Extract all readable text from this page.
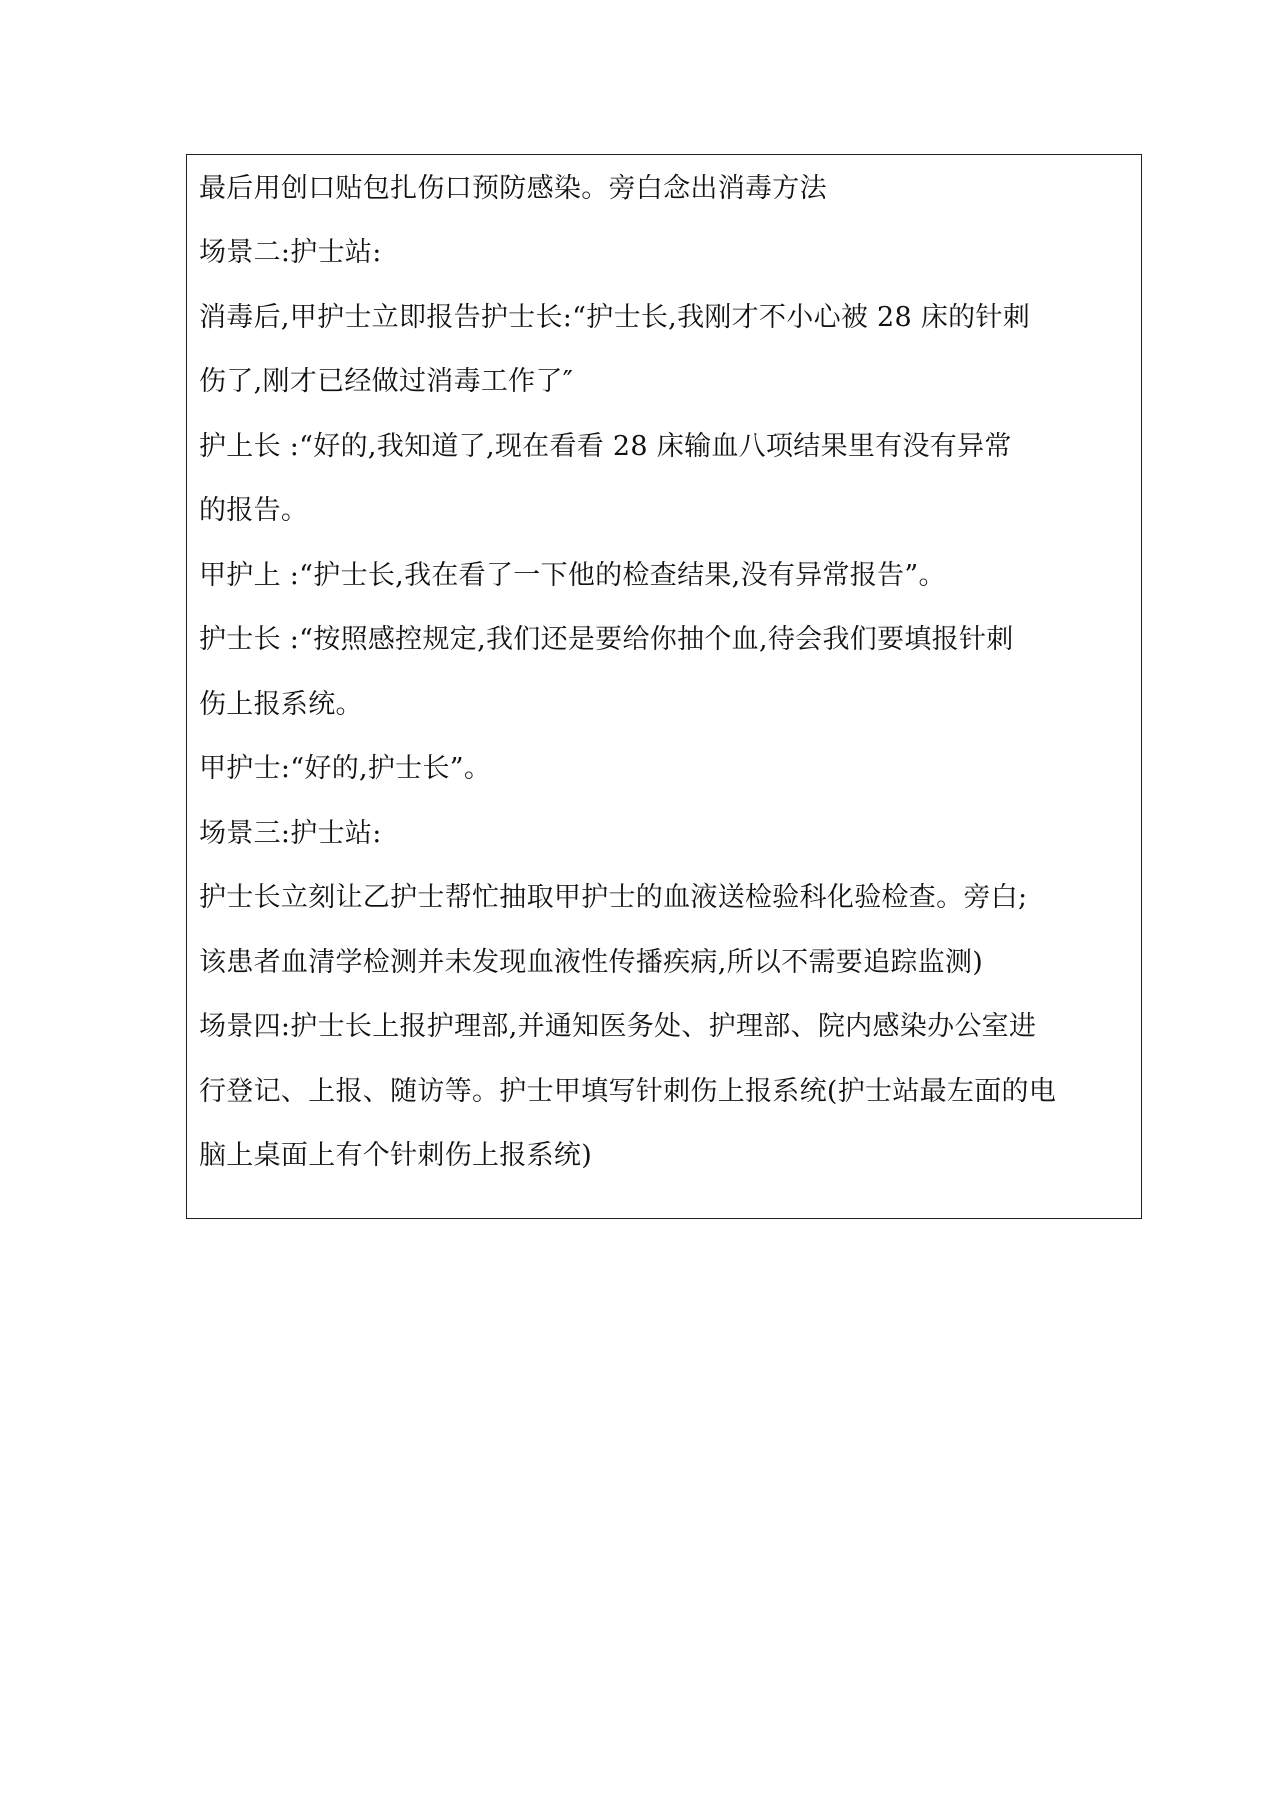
最后用创口贴包扎伤口预防感染。旁白念出消毒方法

场景二:护士站:

消毒后,甲护士立即报告护士长:“护士长,我刚才不小心被 28 床的针刺

伤了,刚才已经做过消毒工作了″

护上长 :“好的,我知道了,现在看看 28 床输血八项结果里有没有异常

的报告。

甲护上 :“护士长,我在看了一下他的检查结果,没有异常报告”。

护士长 :“按照感控规定,我们还是要给你抽个血,待会我们要填报针刺

伤上报系统。

甲护士:“好的,护士长”。

场景三:护士站:

护士长立刻让乙护士帮忙抽取甲护士的血液送检验科化验检查。旁白;

该患者血清学检测并未发现血液性传播疾病,所以不需要追踪监测)

场景四:护士长上报护理部,并通知医务处、护理部、院内感染办公室进

行登记、上报、随访等。护士甲填写针刺伤上报系统(护士站最左面的电

脑上桌面上有个针刺伤上报系统)
